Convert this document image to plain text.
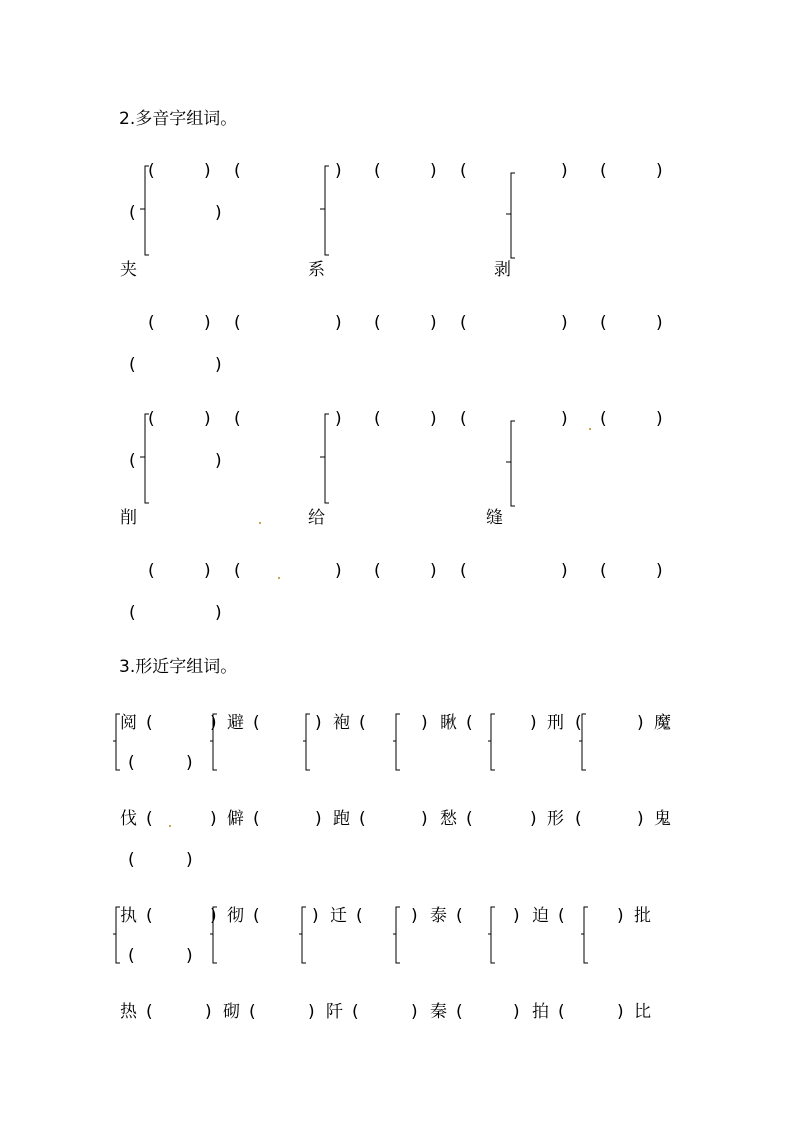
2.多音字组词。
(	) (	) (	) (	) (	)
(	)
夹	系	剥
(	) (	) (	) (	) (	)
(	)
(	) (	) (	) (	) (	)
(	)
削	给	缝
(	) (	) (	) (	) (	)
(	)
3.形近字组词。
阅 (	) 避 (	) 袍 (	) 瞅 (	) 刑 (	) 魔
(	)
伐 (	) 僻 (	) 跑 (	) 愁 (	) 形 (	) 鬼
(	)
执 (	) 彻 (	) 迁 (	) 泰 (	) 迫 (	) 批
(	)
热 (	) 砌 (	) 阡 (	) 秦 (	) 拍 (	) 比
